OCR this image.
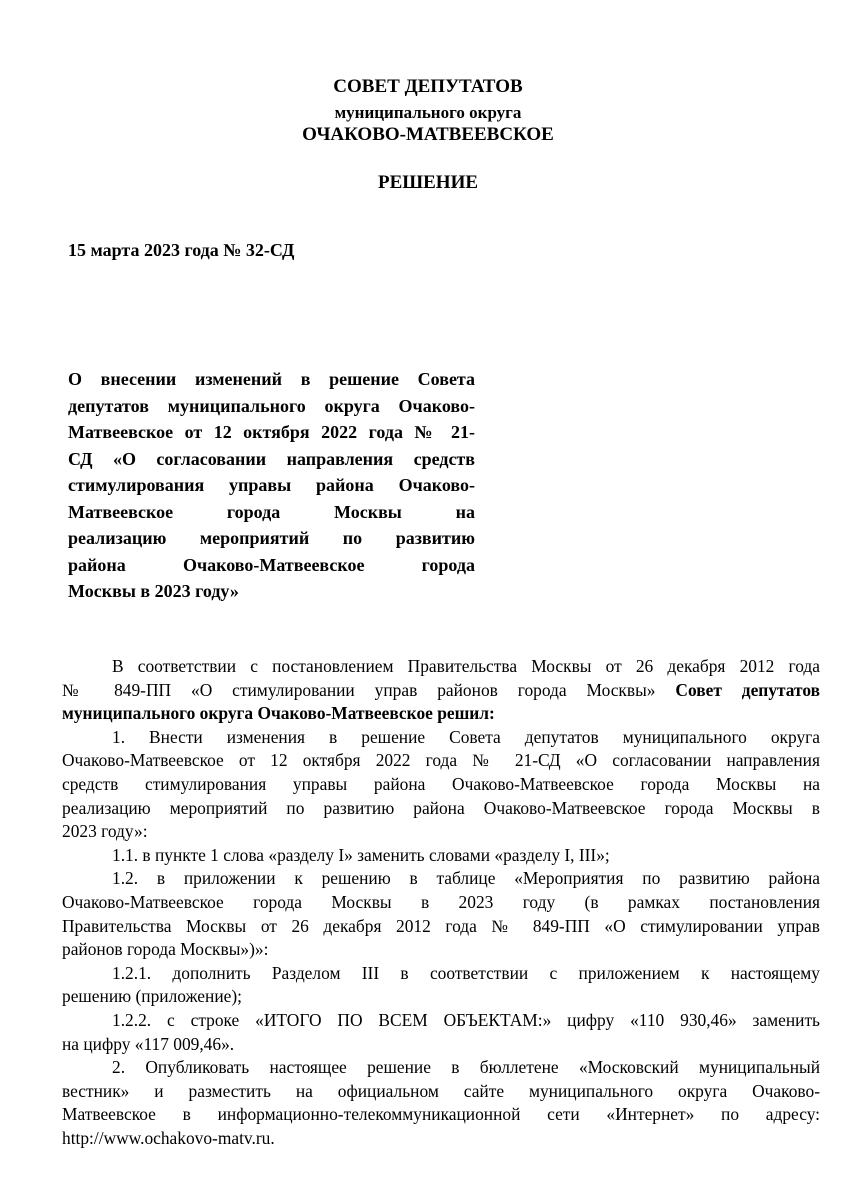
СОВЕТ ДЕПУТАТОВ
муниципального округа
ОЧАКОВО-МАТВЕЕВСКОЕ
РЕШЕНИЕ
15 марта 2023 года № 32-СД
О внесении изменений в решение Совета
депутатов муниципального округа Очаково-
Матвеевское от 12 октября 2022 года № 21-
СД «О согласовании направления средств
стимулирования управы района Очаково-
Матвеевское города Москвы на
реализацию мероприятий по развитию
района Очаково-Матвеевское города
Москвы в 2023 году»
В соответствии с постановлением Правительства Москвы от 26 декабря 2012 года
№ 849-ПП «О стимулировании управ районов города Москвы» Совет депутатов
муниципального округа Очаково-Матвеевское решил:
1. Внести изменения в решение Совета депутатов муниципального округа
Очаково-Матвеевское от 12 октября 2022 года № 21-СД «О согласовании направления
средств стимулирования управы района Очаково-Матвеевское города Москвы на
реализацию мероприятий по развитию района Очаково-Матвеевское города Москвы в
2023 году»:
1.1. в пункте 1 слова «разделу I» заменить словами «разделу I, III»;
1.2. в приложении к решению в таблице «Мероприятия по развитию района
Очаково-Матвеевское города Москвы в 2023 году (в рамках постановления
Правительства Москвы от 26 декабря 2012 года № 849-ПП «О стимулировании управ
районов города Москвы»)»:
1.2.1. дополнить Разделом III в соответствии с приложением к настоящему
решению (приложение);
1.2.2. с строке «ИТОГО ПО ВСЕМ ОБЪЕКТАМ:» цифру «110 930,46» заменить
на цифру «117 009,46».
2. Опубликовать настоящее решение в бюллетене «Московский муниципальный
вестник» и разместить на официальном сайте муниципального округа Очаково-
Матвеевское в информационно-телекоммуникационной сети «Интернет» по адресу:
http://www.ochakovo-matv.ru.
